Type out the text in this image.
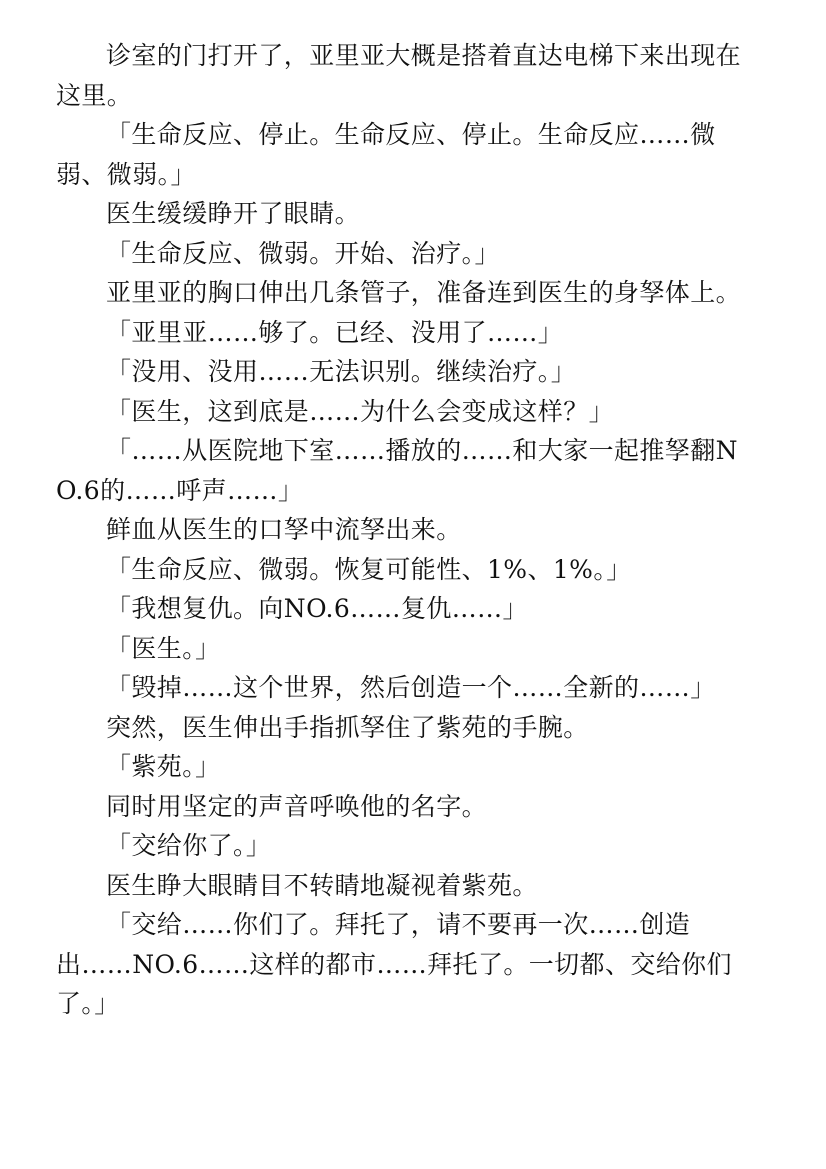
诊室的门打开了，亚里亚大概是搭着直达电梯下来出现在这里。

「生命反应、停止。生命反应、停止。生命反应……微弱、微弱。」

医生缓缓睁开了眼睛。

「生命反应、微弱。开始、治疗。」

亚里亚的胸口伸出几条管子，准备连到医生的身孥体上。

「亚里亚……够了。已经、没用了……」

「没用、没用……无法识别。继续治疗。」

「医生，这到底是……为什么会变成这样？」

「……从医院地下室……播放的……和大家一起推孥翻NO.6的……呼声……」

鲜血从医生的口孥中流孥出来。

「生命反应、微弱。恢复可能性、1%、1%。」

「我想复仇。向NO.6……复仇……」

「医生。」

「毁掉……这个世界，然后创造一个……全新的……」

突然，医生伸出手指抓孥住了紫苑的手腕。

「紫苑。」

同时用坚定的声音呼唤他的名字。

「交给你了。」

医生睁大眼睛目不转睛地凝视着紫苑。

「交给……你们了。拜托了，请不要再一次……创造出……NO.6……这样的都市……拜托了。一切都、交给你们了。」
